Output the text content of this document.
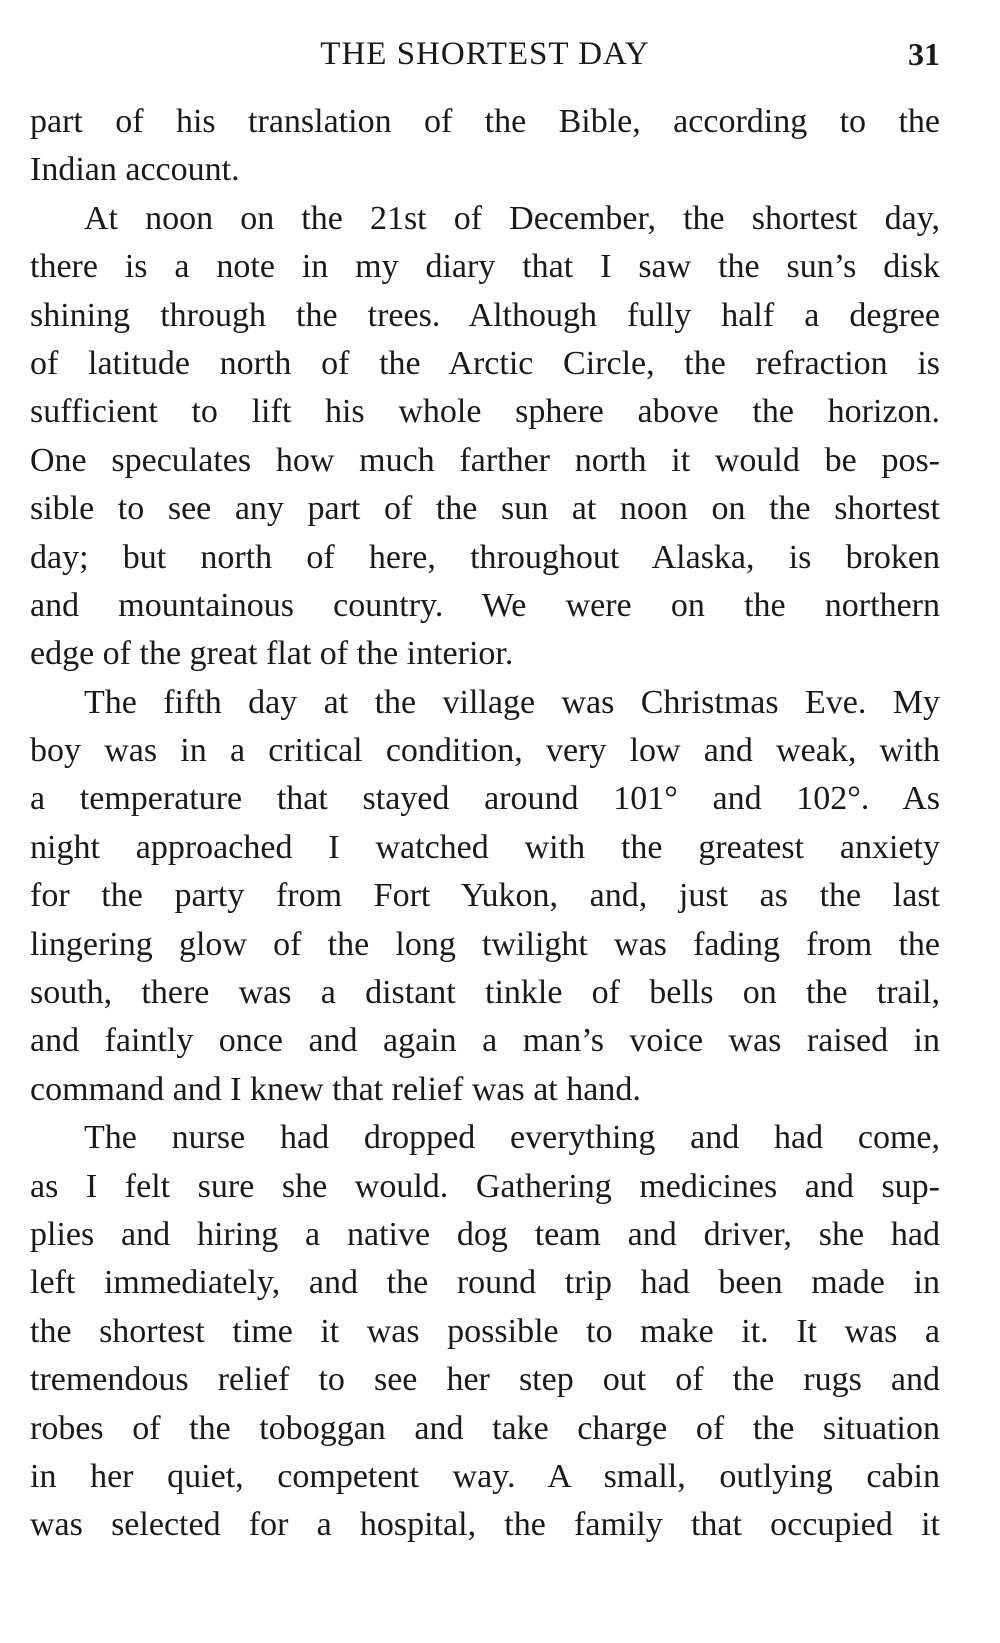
THE SHORTEST DAY	31
part of his translation of the Bible, according to the
Indian account.
At noon on the 21st of December, the shortest day,
there is a note in my diary that I saw the sun’s disk
shining through the trees. Although fully half a degree
of latitude north of the Arctic Circle, the refraction is
sufficient to lift his whole sphere above the horizon.
One speculates how much farther north it would be pos-
sible to see any part of the sun at noon on the shortest
day; but north of here, throughout Alaska, is broken
and mountainous country. We were on the northern
edge of the great flat of the interior.
The fifth day at the village was Christmas Eve. My
boy was in a critical condition, very low and weak, with
a temperature that stayed around 101° and 102°. As
night approached I watched with the greatest anxiety
for the party from Fort Yukon, and, just as the last
lingering glow of the long twilight was fading from the
south, there was a distant tinkle of bells on the trail,
and faintly once and again a man’s voice was raised in
command and I knew that relief was at hand.
The nurse had dropped everything and had come,
as I felt sure she would. Gathering medicines and sup-
plies and hiring a native dog team and driver, she had
left immediately, and the round trip had been made in
the shortest time it was possible to make it. It was a
tremendous relief to see her step out of the rugs and
robes of the toboggan and take charge of the situation
in her quiet, competent way. A small, outlying cabin
was selected for a hospital, the family that occupied it
